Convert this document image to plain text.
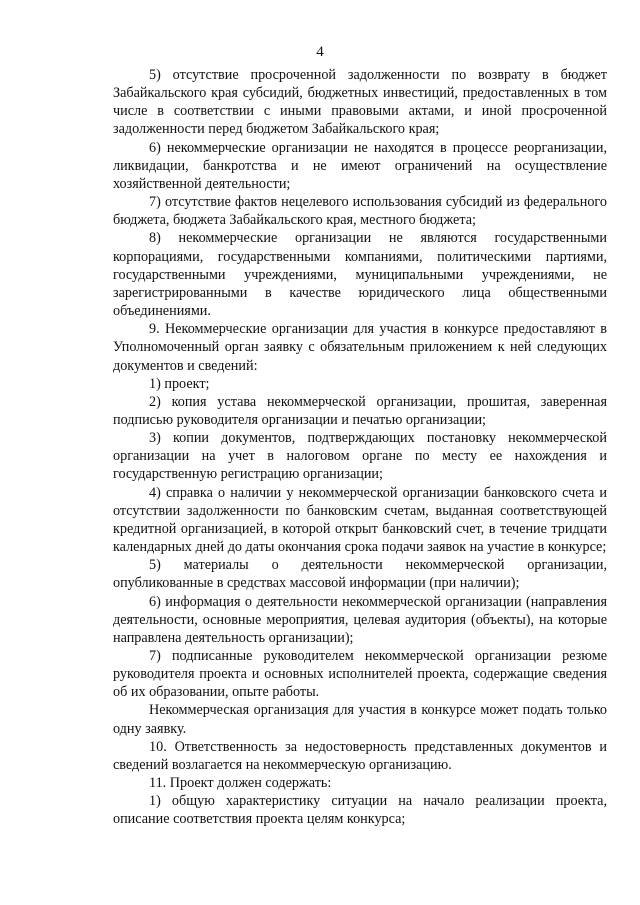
4

5) отсутствие просроченной задолженности по возврату в бюджет Забайкальского края субсидий, бюджетных инвестиций, предоставленных в том числе в соответствии с иными правовыми актами, и иной просроченной задолженности перед бюджетом Забайкальского края;

6) некоммерческие организации не находятся в процессе реорганизации, ликвидации, банкротства и не имеют ограничений на осуществление хозяйственной деятельности;

7) отсутствие фактов нецелевого использования субсидий из федерального бюджета, бюджета Забайкальского края, местного бюджета;

8) некоммерческие организации не являются государственными корпорациями, государственными компаниями, политическими партиями, государственными учреждениями, муниципальными учреждениями, не зарегистрированными в качестве юридического лица общественными объединениями.

9. Некоммерческие организации для участия в конкурсе предоставляют в Уполномоченный орган заявку с обязательным приложением к ней следующих документов и сведений:

1) проект;

2) копия устава некоммерческой организации, прошитая, заверенная подписью руководителя организации и печатью организации;

3) копии документов, подтверждающих постановку некоммерческой организации на учет в налоговом органе по месту ее нахождения и государственную регистрацию организации;

4) справка о наличии у некоммерческой организации банковского счета и отсутствии задолженности по банковским счетам, выданная соответствующей кредитной организацией, в которой открыт банковский счет, в течение тридцати календарных дней до даты окончания срока подачи заявок на участие в конкурсе;

5) материалы о деятельности некоммерческой организации, опубликованные в средствах массовой информации (при наличии);

6) информация о деятельности некоммерческой организации (направления деятельности, основные мероприятия, целевая аудитория (объекты), на которые направлена деятельность организации);

7) подписанные руководителем некоммерческой организации резюме руководителя проекта и основных исполнителей проекта, содержащие сведения об их образовании, опыте работы.

Некоммерческая организация для участия в конкурсе может подать только одну заявку.

10. Ответственность за недостоверность представленных документов и сведений возлагается на некоммерческую организацию.

11. Проект должен содержать:

1) общую характеристику ситуации на начало реализации проекта, описание соответствия проекта целям конкурса;
